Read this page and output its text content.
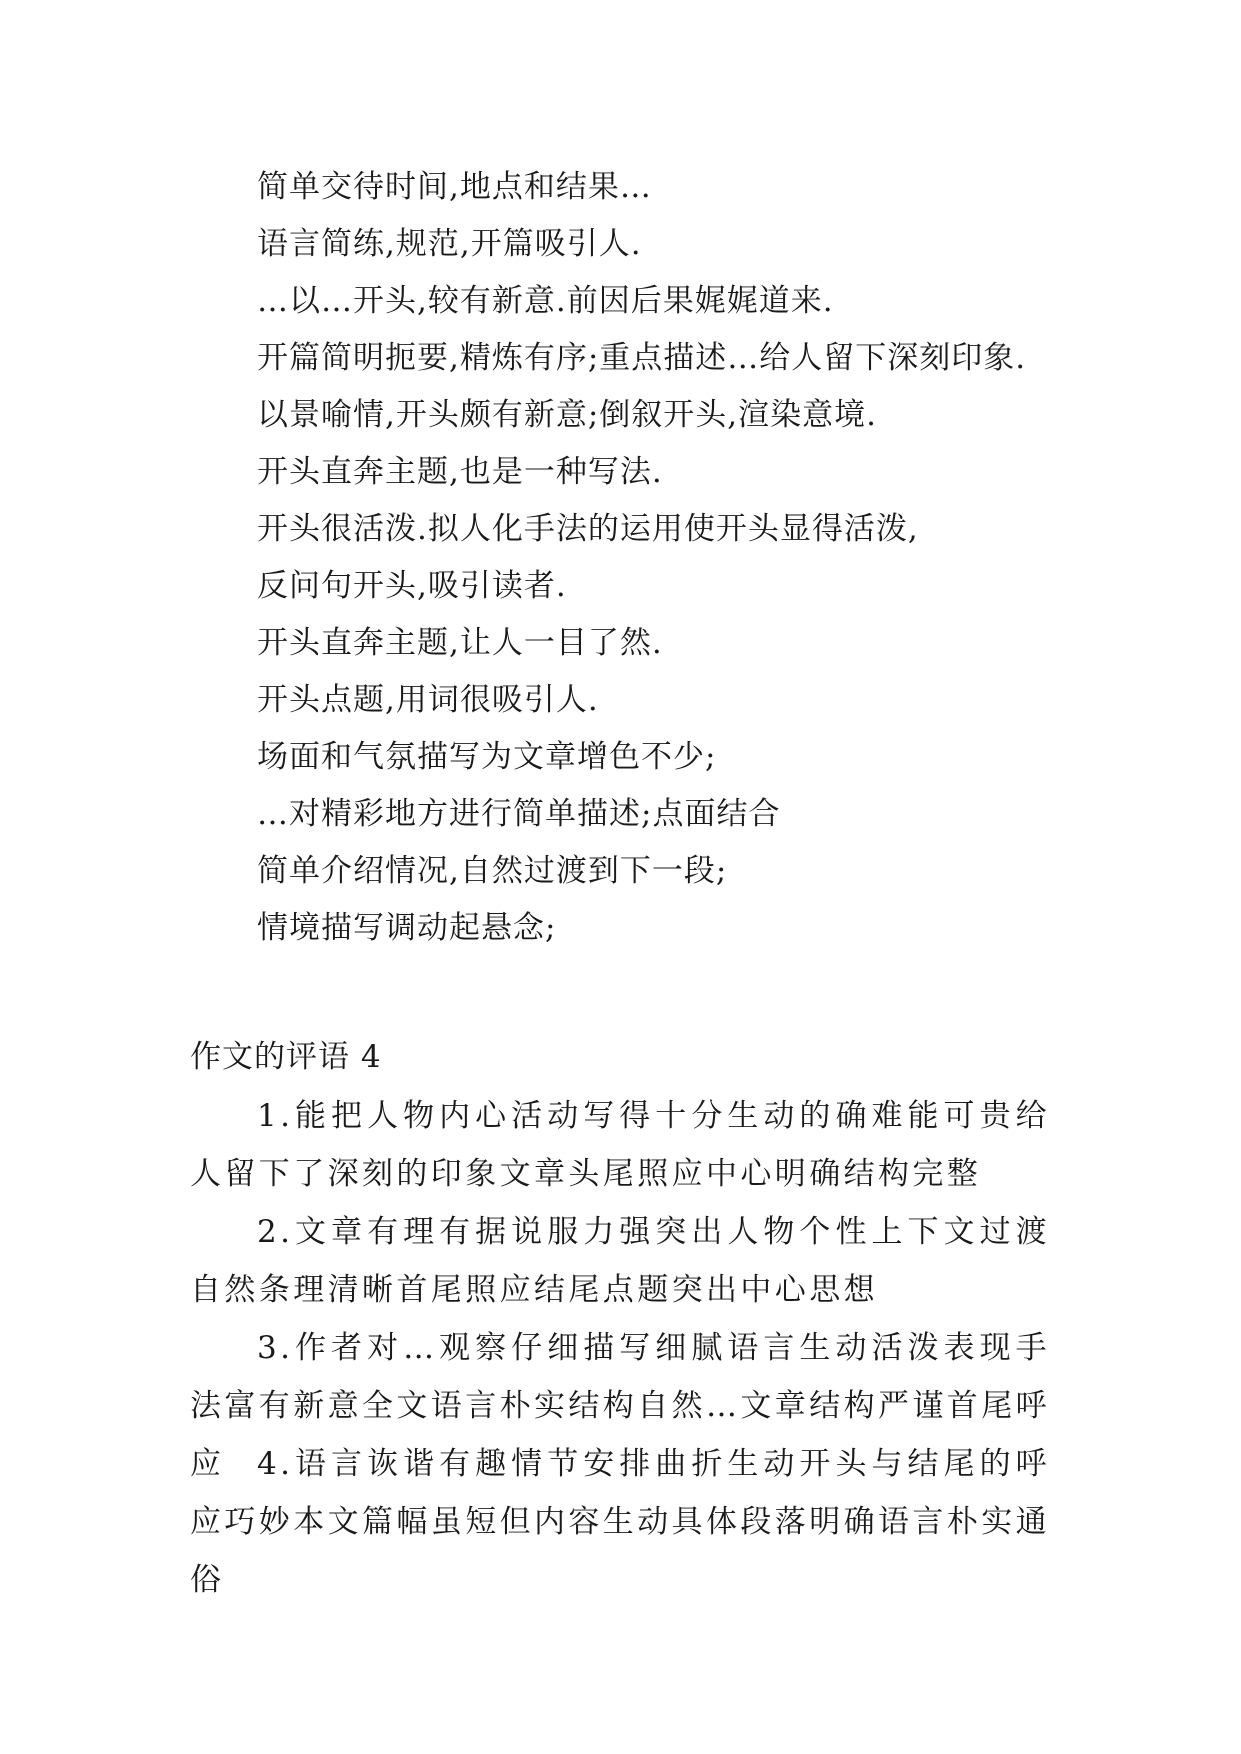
简单交待时间,地点和结果…
语言简练,规范,开篇吸引人.
…以…开头,较有新意.前因后果娓娓道来.
开篇简明扼要,精炼有序;重点描述…给人留下深刻印象.
以景喻情,开头颇有新意;倒叙开头,渲染意境.
开头直奔主题,也是一种写法.
开头很活泼.拟人化手法的运用使开头显得活泼,
反问句开头,吸引读者.
开头直奔主题,让人一目了然.
开头点题,用词很吸引人.
场面和气氛描写为文章增色不少;
…对精彩地方进行简单描述;点面结合
简单介绍情况,自然过渡到下一段;
情境描写调动起悬念;
作文的评语 4
1.能把人物内心活动写得十分生动的确难能可贵给人留下了深刻的印象文章头尾照应中心明确结构完整
2.文章有理有据说服力强突出人物个性上下文过渡自然条理清晰首尾照应结尾点题突出中心思想
3.作者对…观察仔细描写细腻语言生动活泼表现手法富有新意全文语言朴实结构自然…文章结构严谨首尾呼应	4.语言诙谐有趣情节安排曲折生动开头与结尾的呼应巧妙本文篇幅虽短但内容生动具体段落明确语言朴实通俗
